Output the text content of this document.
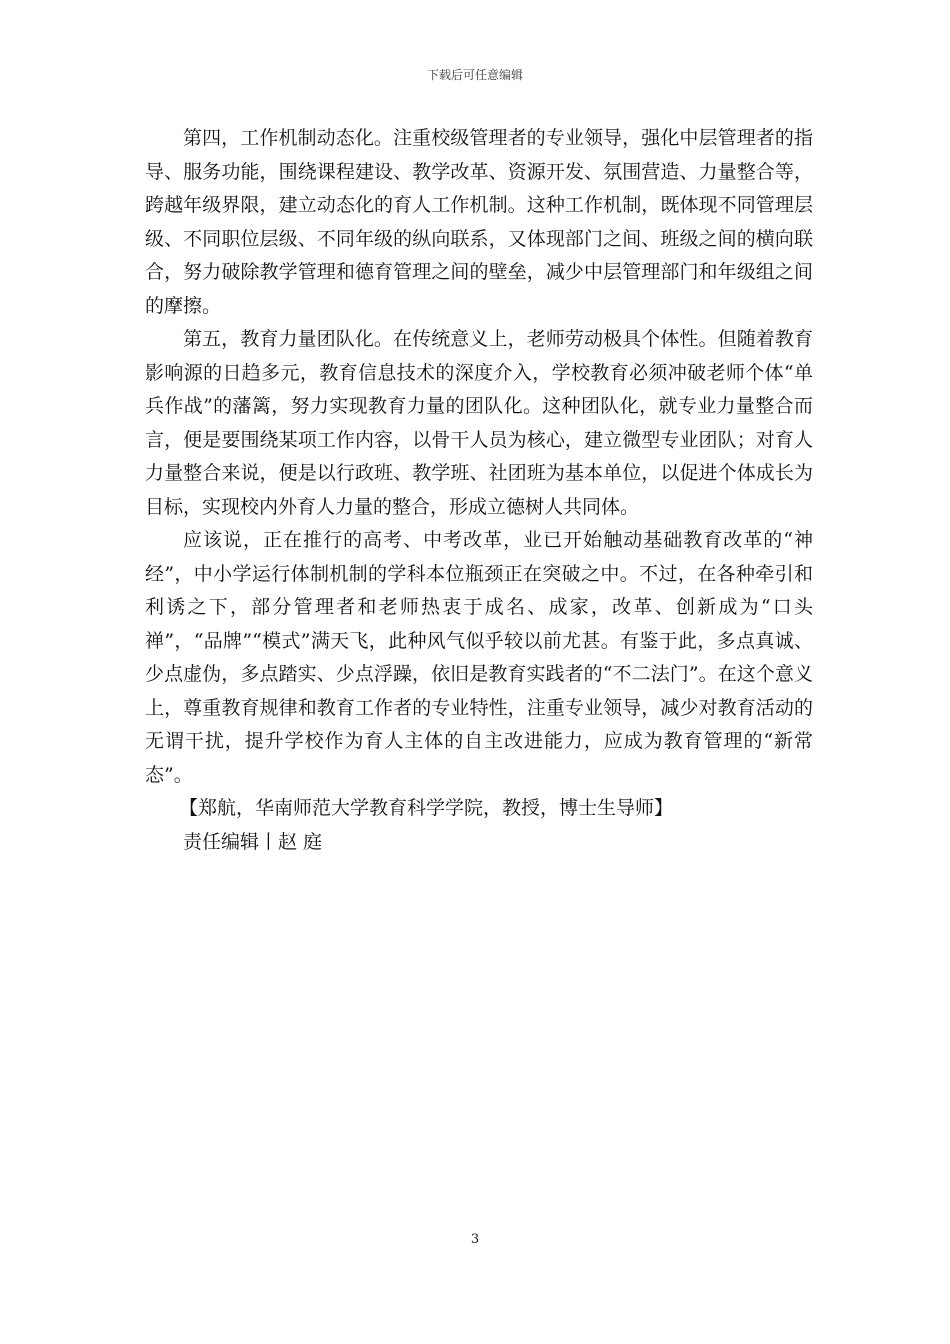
下载后可任意编辑

第四，工作机制动态化。注重校级管理者的专业领导，强化中层管理者的指导、服务功能，围绕课程建设、教学改革、资源开发、氛围营造、力量整合等，跨越年级界限，建立动态化的育人工作机制。这种工作机制，既体现不同管理层级、不同职位层级、不同年级的纵向联系，又体现部门之间、班级之间的横向联合，努力破除教学管理和德育管理之间的壁垒，减少中层管理部门和年级组之间的摩擦。

第五，教育力量团队化。在传统意义上，老师劳动极具个体性。但随着教育影响源的日趋多元，教育信息技术的深度介入，学校教育必须冲破老师个体“单兵作战”的藩篱，努力实现教育力量的团队化。这种团队化，就专业力量整合而言，便是要围绕某项工作内容，以骨干人员为核心，建立微型专业团队；对育人力量整合来说，便是以行政班、教学班、社团班为基本单位，以促进个体成长为目标，实现校内外育人力量的整合，形成立德树人共同体。

应该说，正在推行的高考、中考改革，业已开始触动基础教育改革的“神经”，中小学运行体制机制的学科本位瓶颈正在突破之中。不过，在各种牵引和利诱之下，部分管理者和老师热衷于成名、成家，改革、创新成为“口头禅”，“品牌”“模式”满天飞，此种风气似乎较以前尤甚。有鉴于此，多点真诚、少点虚伪，多点踏实、少点浮躁，依旧是教育实践者的“不二法门”。在这个意义上，尊重教育规律和教育工作者的专业特性，注重专业领导，减少对教育活动的无谓干扰，提升学校作为育人主体的自主改进能力，应成为教育管理的“新常态”。

【郑航，华南师范大学教育科学学院，教授，博士生导师】

责任编辑丨赵 庭

3
